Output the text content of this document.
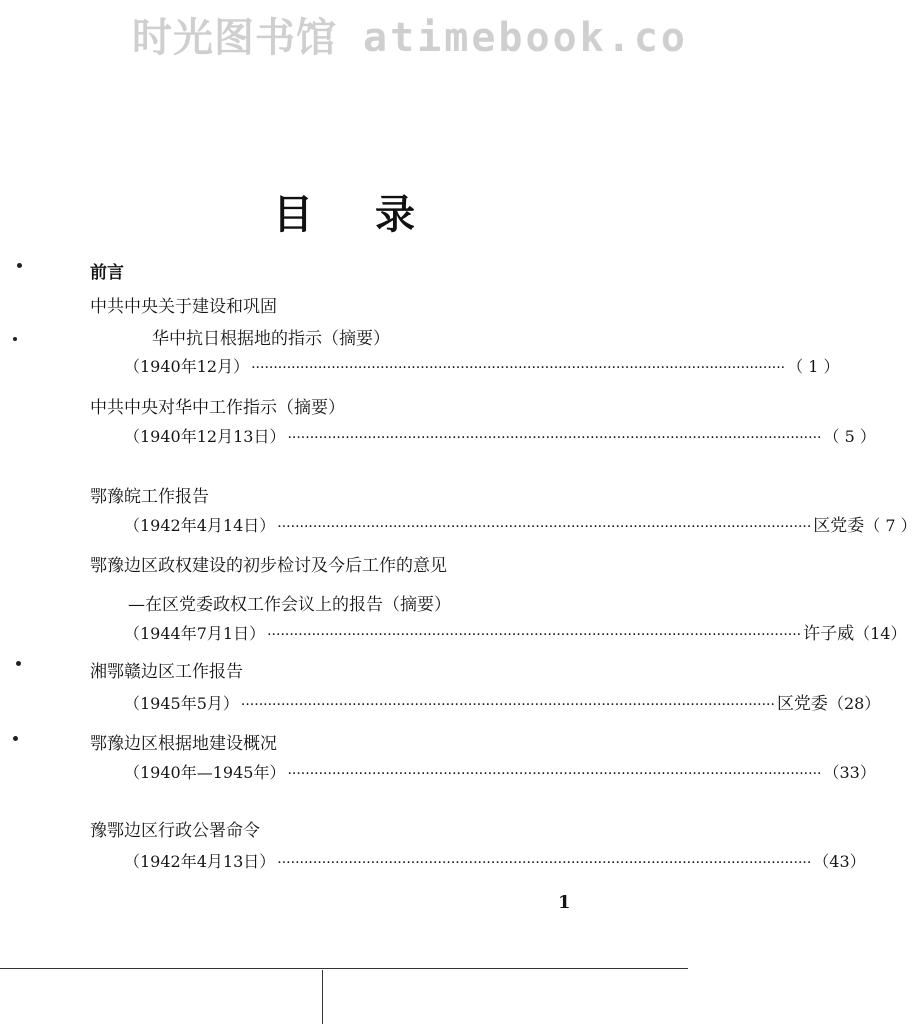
时光图书馆 atimebook.co
目录
前言
中共中央关于建设和巩固
华中抗日根据地的指示（摘要）
（1940年12月） ························································································································ （ 1 ）
中共中央对华中工作指示（摘要）
（1940年12月13日） ························································································································ （ 5 ）
鄂豫皖工作报告
（1942年4月14日） ························································································································ 区党委 （ 7 ）
鄂豫边区政权建设的初步检讨及今后工作的意见
—在区党委政权工作会议上的报告（摘要）
（1944年7月1日） ························································································································ 许子威 （14）
湘鄂赣边区工作报告
（1945年5月） ························································································································ 区党委 （28）
鄂豫边区根据地建设概况
（1940年—1945年） ························································································································ （33）
豫鄂边区行政公署命令
（1942年4月13日） ························································································································ （43）
1
